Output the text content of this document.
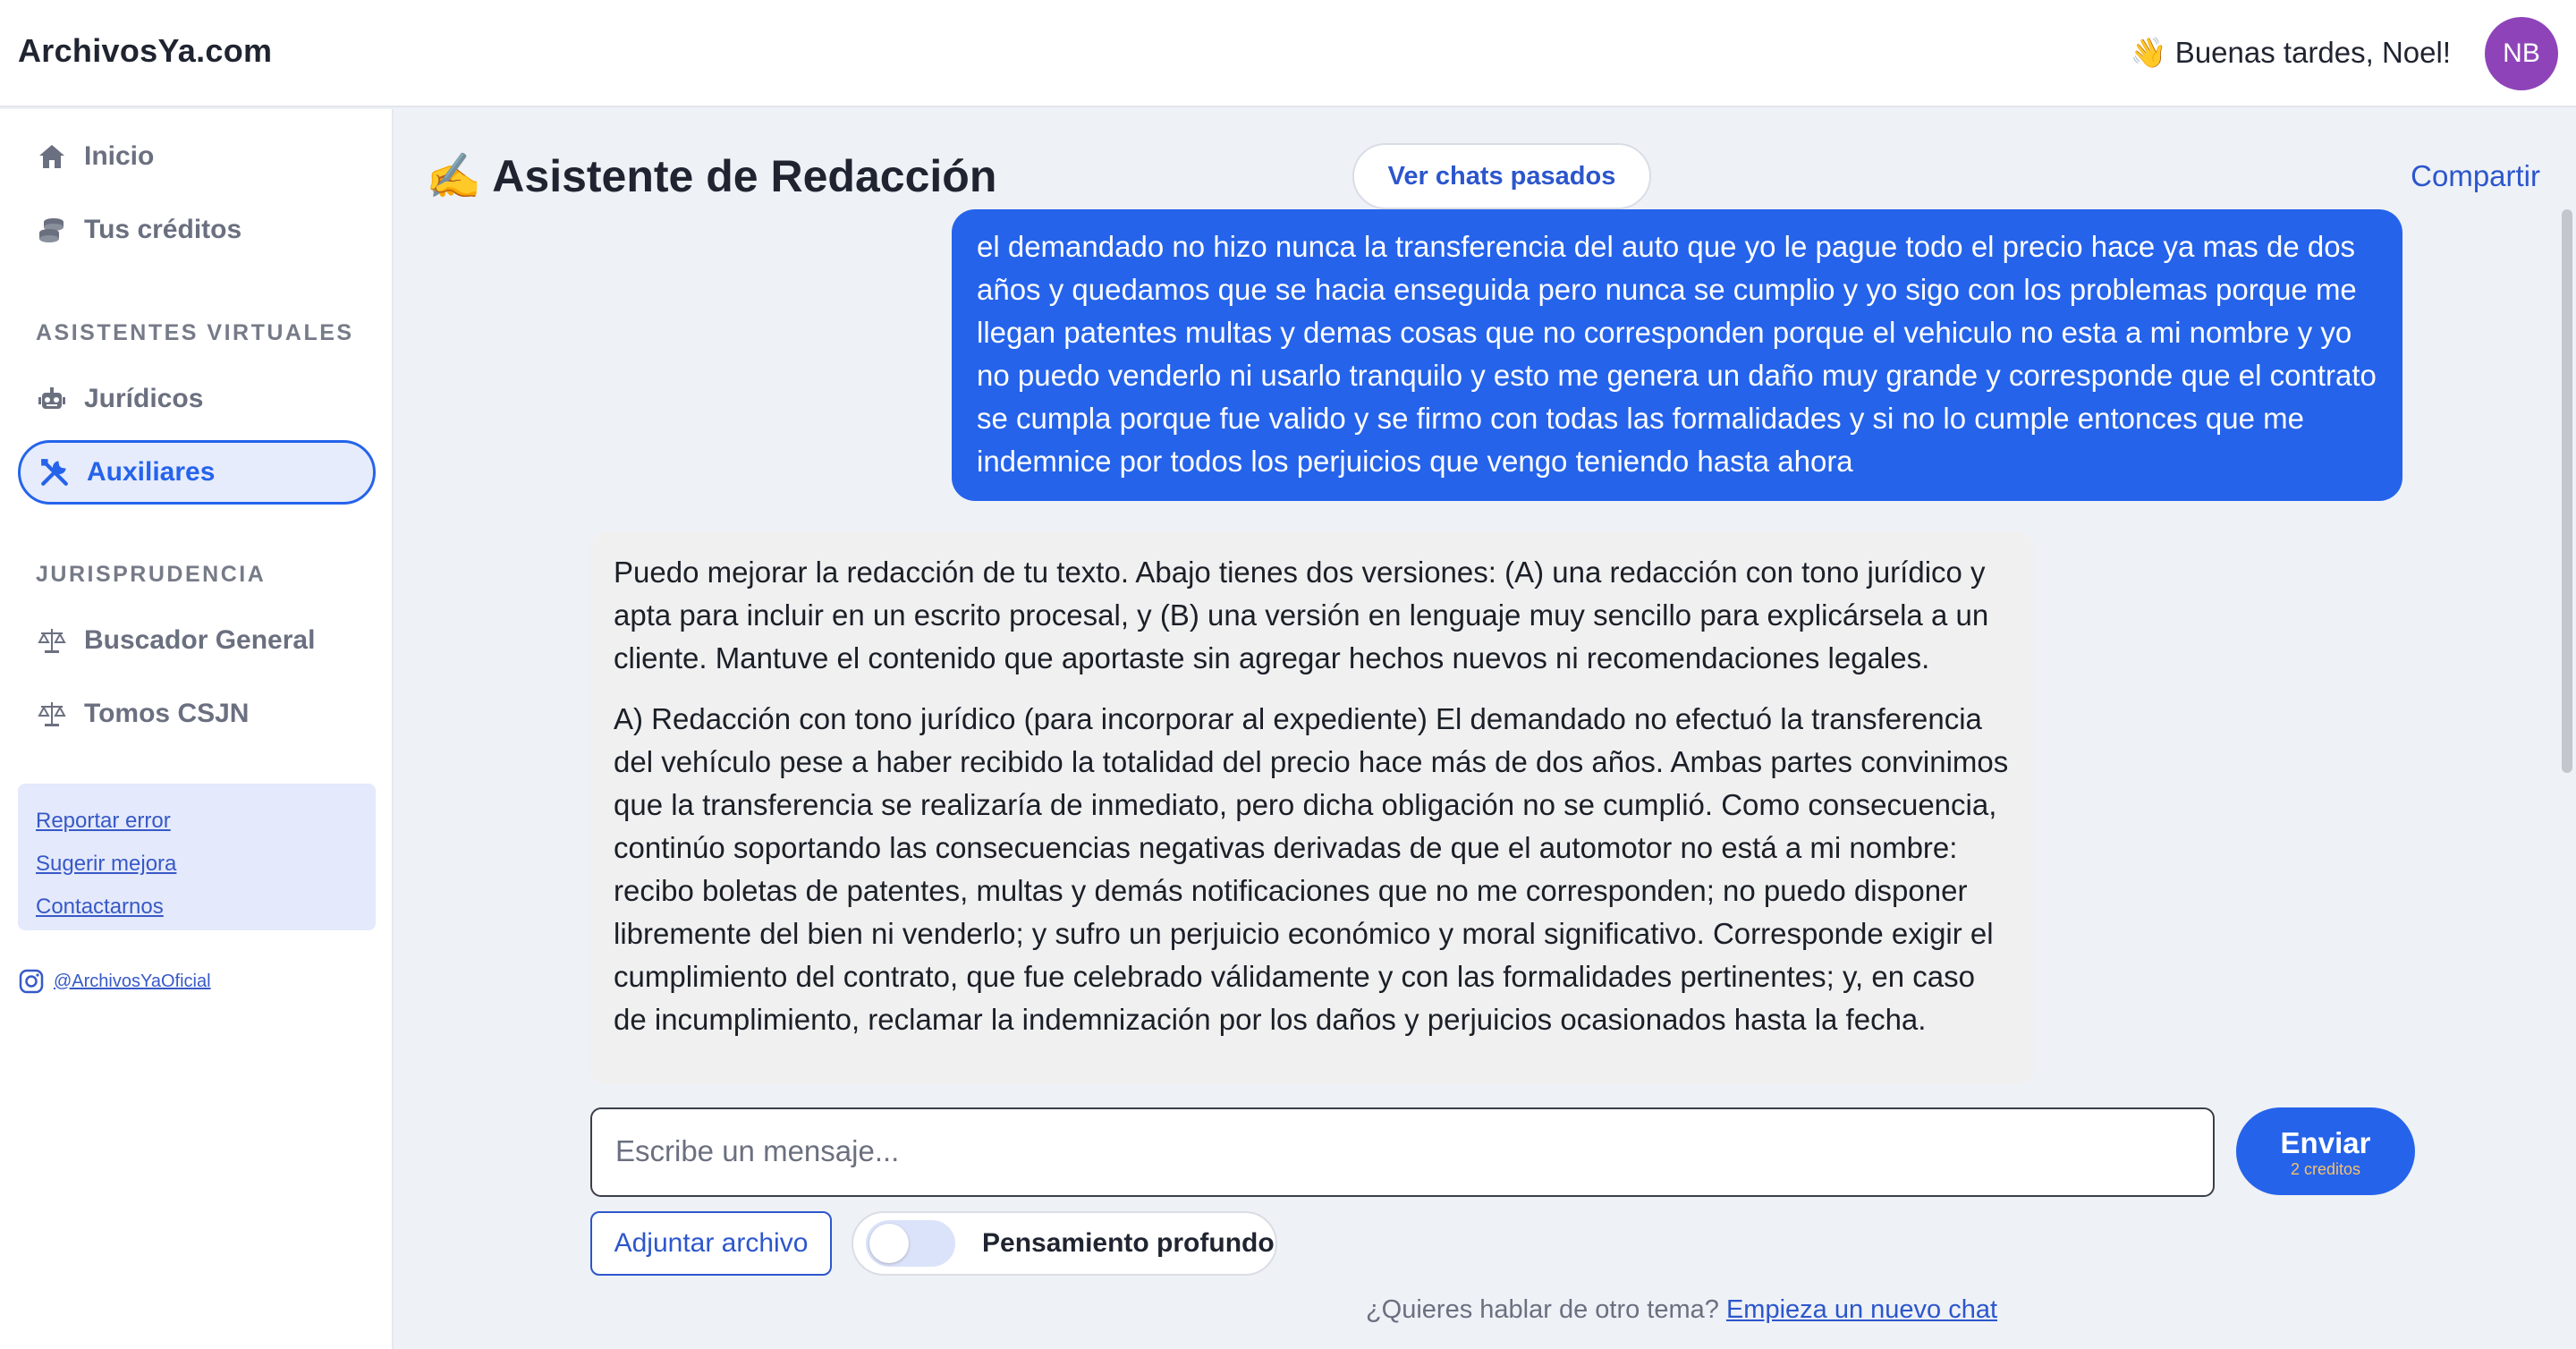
ArchivosYa.com	👋 Buenas tardes, Noel!	NB
Inicio
Tus créditos
ASISTENTES VIRTUALES
Jurídicos
Auxiliares
JURISPRUDENCIA
Buscador General
Tomos CSJN
Reportar error
Sugerir mejora
Contactarnos
@ArchivosYaOficial
✍️ Asistente de Redacción	Ver chats pasados	Compartir
el demandado no hizo nunca la transferencia del auto que yo le pague todo el precio hace ya mas de dos años y quedamos que se hacia enseguida pero nunca se cumplio y yo sigo con los problemas porque me llegan patentes multas y demas cosas que no corresponden porque el vehiculo no esta a mi nombre y yo no puedo venderlo ni usarlo tranquilo y esto me genera un daño muy grande y corresponde que el contrato se cumpla porque fue valido y se firmo con todas las formalidades y si no lo cumple entonces que me indemnice por todos los perjuicios que vengo teniendo hasta ahora

Puedo mejorar la redacción de tu texto. Abajo tienes dos versiones: (A) una redacción con tono jurídico y apta para incluir en un escrito procesal, y (B) una versión en lenguaje muy sencillo para explicársela a un cliente. Mantuve el contenido que aportaste sin agregar hechos nuevos ni recomendaciones legales.

A) Redacción con tono jurídico (para incorporar al expediente) El demandado no efectuó la transferencia del vehículo pese a haber recibido la totalidad del precio hace más de dos años. Ambas partes convinimos que la transferencia se realizaría de inmediato, pero dicha obligación no se cumplió. Como consecuencia, continúo soportando las consecuencias negativas derivadas de que el automotor no está a mi nombre: recibo boletas de patentes, multas y demás notificaciones que no me corresponden; no puedo disponer libremente del bien ni venderlo; y sufro un perjuicio económico y moral significativo. Corresponde exigir el cumplimiento del contrato, que fue celebrado válidamente y con las formalidades pertinentes; y, en caso de incumplimiento, reclamar la indemnización por los daños y perjuicios ocasionados hasta la fecha.

Escribe un mensaje...
Enviar
2 creditos
Adjuntar archivo	Pensamiento profundo
¿Quieres hablar de otro tema? Empieza un nuevo chat
